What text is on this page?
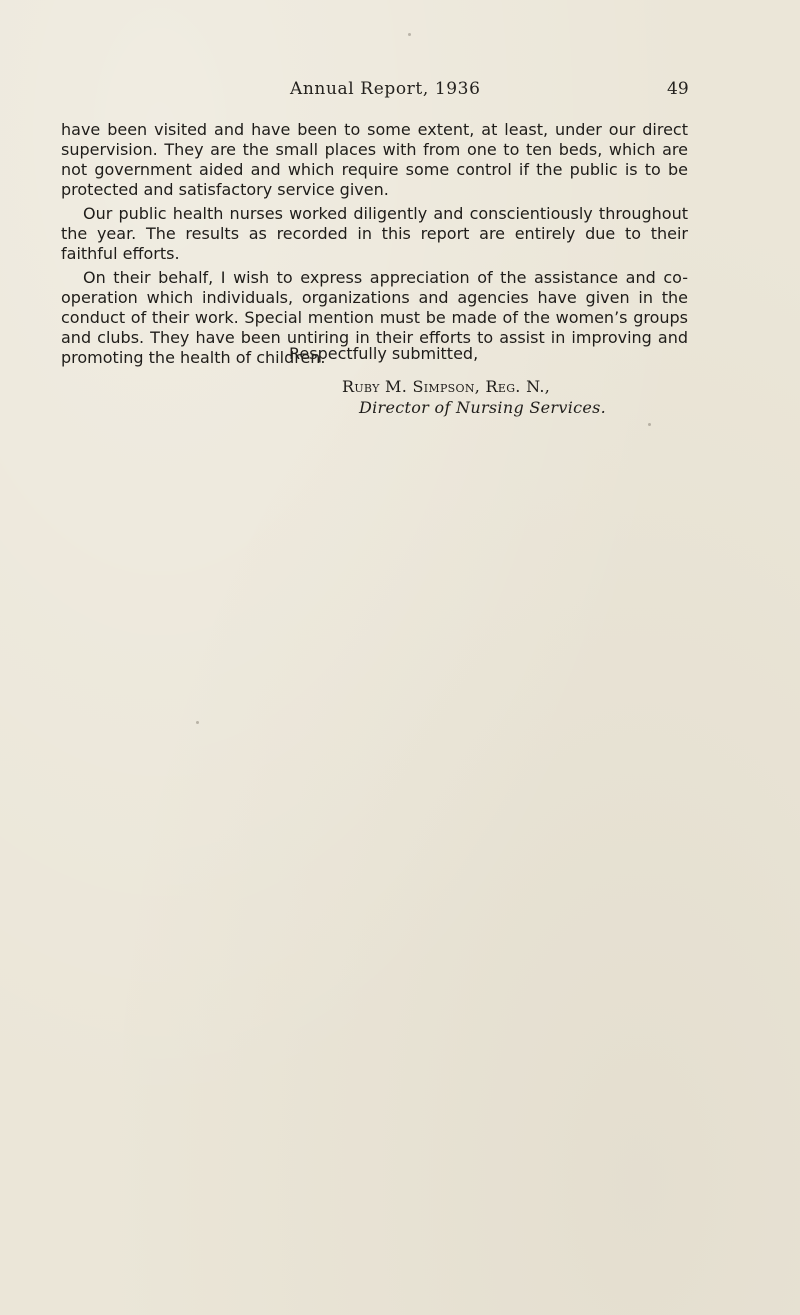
Annual Report, 1936	49

have been visited and have been to some extent, at least, under our direct supervision. They are the small places with from one to ten beds, which are not government aided and which require some control if the public is to be protected and satisfactory service given.

Our public health nurses worked diligently and conscientiously throughout the year. The results as recorded in this report are entirely due to their faithful efforts.

On their behalf, I wish to express appreciation of the assistance and co-operation which individuals, organizations and agencies have given in the conduct of their work. Special mention must be made of the women’s groups and clubs. They have been untiring in their efforts to assist in improving and promoting the health of children.

Respectfully submitted,
Ruby M. Simpson, Reg. N.,
Director of Nursing Services.
